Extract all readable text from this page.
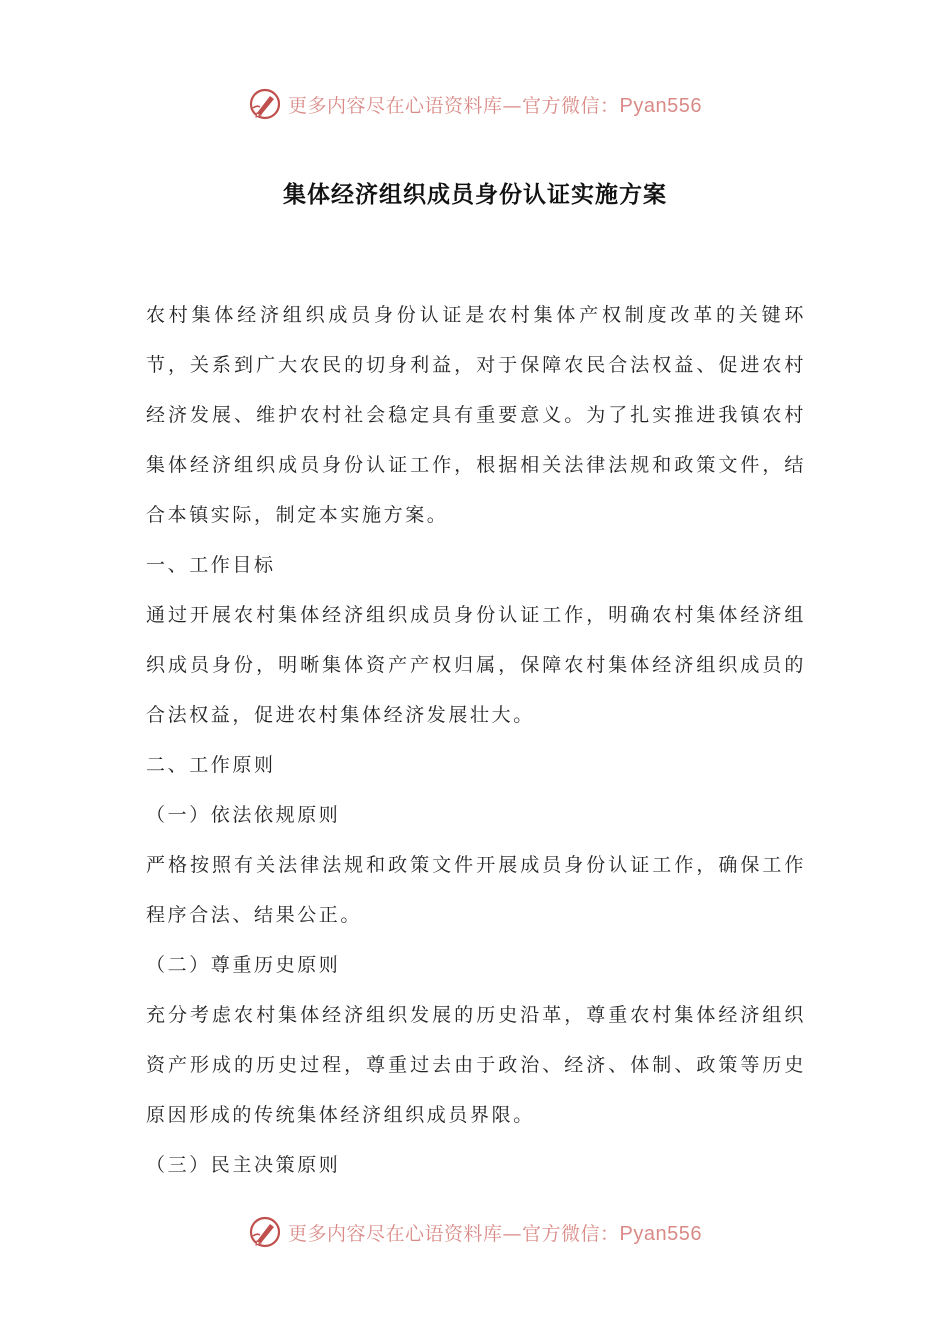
更多内容尽在心语资料库—官方微信：Pyan556
集体经济组织成员身份认证实施方案

农村集体经济组织成员身份认证是农村集体产权制度改革的关键环节，关系到广大农民的切身利益，对于保障农民合法权益、促进农村经济发展、维护农村社会稳定具有重要意义。为了扎实推进我镇农村集体经济组织成员身份认证工作，根据相关法律法规和政策文件，结合本镇实际，制定本实施方案。

一、工作目标

通过开展农村集体经济组织成员身份认证工作，明确农村集体经济组织成员身份，明晰集体资产产权归属，保障农村集体经济组织成员的合法权益，促进农村集体经济发展壮大。

二、工作原则

（一）依法依规原则

严格按照有关法律法规和政策文件开展成员身份认证工作，确保工作程序合法、结果公正。

（二）尊重历史原则

充分考虑农村集体经济组织发展的历史沿革，尊重农村集体经济组织资产形成的历史过程，尊重过去由于政治、经济、体制、政策等历史原因形成的传统集体经济组织成员界限。

（三）民主决策原则

更多内容尽在心语资料库—官方微信：Pyan556
